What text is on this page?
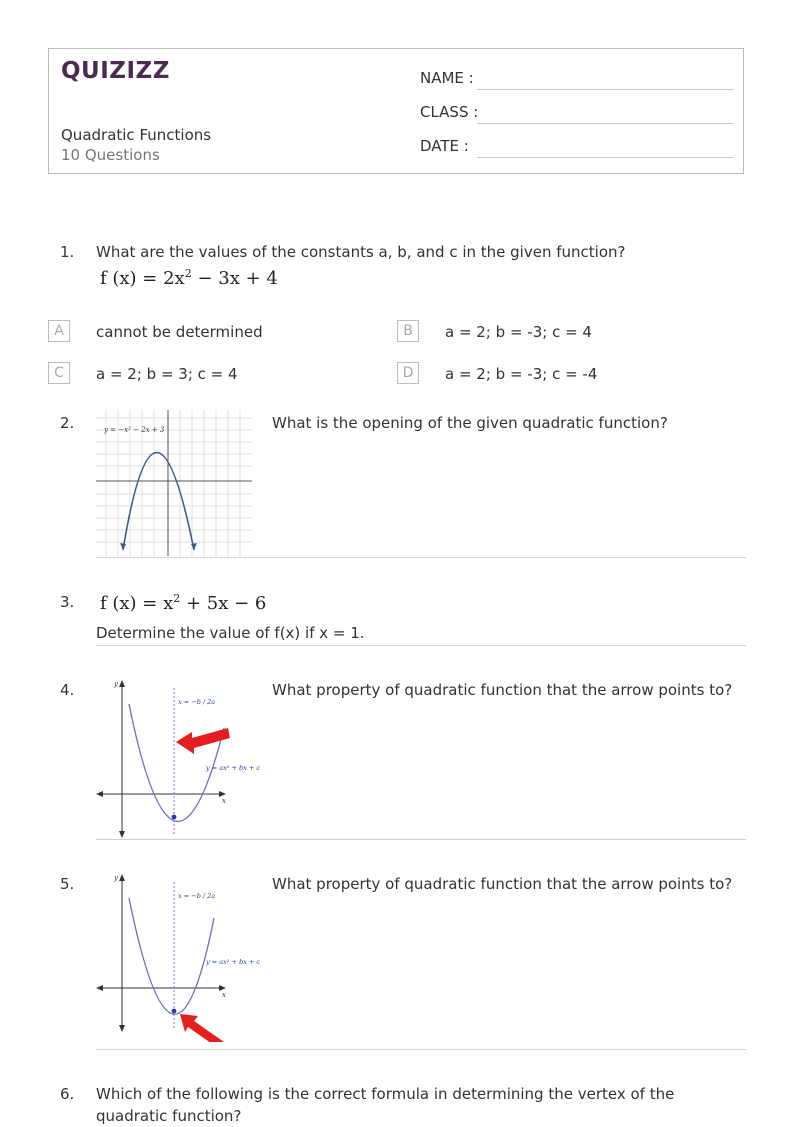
QUIZIZZ
Quadratic Functions
10 Questions
NAME :
CLASS :
DATE :
1. What are the values of the constants a, b, and c in the given function?
f $(x) = 2x^2 - 3x + 4$
A	cannot be determined	B	a = 2; b = -3; c = 4
C	a = 2; b = 3; c = 4	D	a = 2; b = -3; c = -4
2.	y = −x² − 2x + 3	What is the opening of the given quadratic function?
3. f $(x) = x^2 + 5x - 6$
Determine the value of f(x) if x = 1.
4.	y
x
x = −b / 2a
y = ax² + bx + c
What property of quadratic function that the arrow points to?
5.	y
x
x = −b / 2a
y = ax² + bx + c
What property of quadratic function that the arrow points to?
6. Which of the following is the correct formula in determining the vertex of the quadratic function?
